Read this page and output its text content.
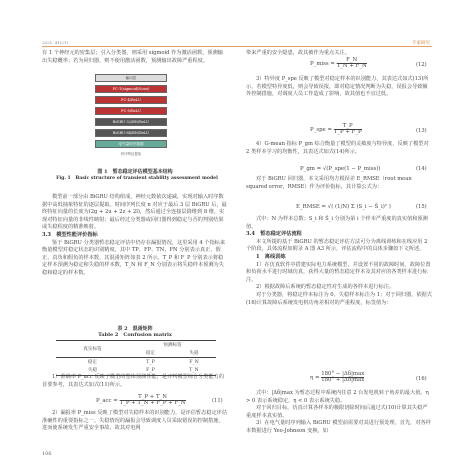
2021, 41(21)	专家研究

有 1 个神经元的密集层；引入分类器，则采用 sigmoid 作为激活函数，预测输出失稳概率；若为回归器，则不使用激活函数，预测输出故障严重程度。

输出层
FC-1(sigmoid/None)
FC-4/ReLU
FC-8/ReLU
BiGRU-32/BN/ReLU
BiGRU-64/BN/ReLU
电气量时序数据
时序特征提取
图 1　暂态稳定评估模型基本结构
Fig. 1　Basic structure of transient stability assessment model

模型前一部分由 BiGRU 结构组成，神经元数依次递减，实现对输入时序数据中高低抽象特征的逐层提取。时间序列长度 n 对应于最后 3 层 BiGRU 后，最终特征向量的长度为(2g + 2u + 2z + 2l)，然后通过全连接层降维到 8 维，实现对特征向量的非线性映射；最后经过分类器或回归器得到稳定与否的判别结果或失稳程度的精准映射。

3.3　模型性能评价指标

鉴于 BiGRU 分类器暂态稳定评估中仍存在漏报情况，这里采用 4 个指标来衡量模型对稳定状态的识别精度，其中 TP、FP、TN、FN 分别表示真正、假正、真负和假负的样本数，其混淆矩阵如表 2 所示。T_P 和 F_P 分别表示将稳定样本预测为稳定和失稳的样本数，T_N 和 F_N 分别表示将失稳样本预测为失稳和稳定的样本数。

表 2　混淆矩阵
Table 2　Confusion matrix
真实标签	预测标签	
	稳定	失稳
稳定	T_P	F_N
失稳	F_P	T_N

1）准确率 P_acc 反映了模型的整体预测性能，是评判模型综合分类能力的首要参考，其表达式如式(11)所示。

P_acc = $\frac{T\_P + T\_N}{T\_P + T\_N + F\_P + F\_N}$	(11)

2）漏报率 P_miss 反映了模型对失稳样本的识别能力，是评估暂态稳定评估准确性的重要指标之一。失稳情况的漏报会导致调度人员采取错误的控制措施，进而使系统发生严重安全事故，故其对电网

106

带来严重的安全隐患，故其被作为重点关注。

P_miss = $\frac{F\_N}{T\_N + F\_N}$	(12)

3）特异度 P_spe 反映了模型对稳定样本的识别能力，其表达式如式(13)所示。若模型特异度低，则会导致误报，即对稳定情况判断为失稳，误报会导致额外控制措施，对调度人员工作造成了影响，故其值也不宜过低。

P_spe = $\frac{T\_P}{T\_P + F\_P}$	(13)

4）G-mean 指标 P_gm 综合衡量了模型的灵敏度与特异度，反映了模型对 2 类样本学习的均衡性，其表达式如式(14)所示。

P_gm = √(P_spe(1 − P_miss))	(14)

对于 BiGRU 回归器，本文采用均方根误差 E_RMSE（root mean squared error，RMSE）作为评价指标，其计算公式为：

E_RMSE = √( (1/N) Σ (S_i − Ŝ_i)² )	(15)

式中：N 为样本总数；S_i 和 Ŝ_i 分别为第 i 个样本严重度的真实值和预测值。

3.4　暂态稳定评估流程

本文所提的基于 BiGRU 的暂态稳定评估方法可分为离线训练和在线应用 2 个阶段，具体流程如附录 A 图 A3 所示，评估流程中的具体步骤如下文所述。

1　离线训练

1）在仿真软件中搭建实际电力系统模型，并设置不同的故障时间、故障位置和负荷水平进行时域仿真，获得大量的暂态稳定样本及其对应的各类样本进行标注。

2）根据故障后系统的暂态稳定性对生成的各样本进行标注。

对于分类器，将稳定样本标注为 0、失稳样本标注为 1；对于回归器，依据式(16)计算故障后系统发电机功角差相对的严重程度，标签值为：

$\eta = \frac{180^\circ - |\Delta\delta|\max}{180^\circ + |\Delta\delta|\max}$	(16)

式中：|Δδ|max 为暂态过程中系统内任意 2 台发电机转子角差的最大值。η > 0 表示系统稳定，η < 0 表示系统失稳。

对于回归目标，仿真计算各样本的极限切除时间后通过式(10)计算其失稳严重度样本真实值。

3）在电气量时序列输入 BiGRU 模型前需要对其进行预处理，首先，对各样本数据进行 Yeo-Johnson 变换，如
